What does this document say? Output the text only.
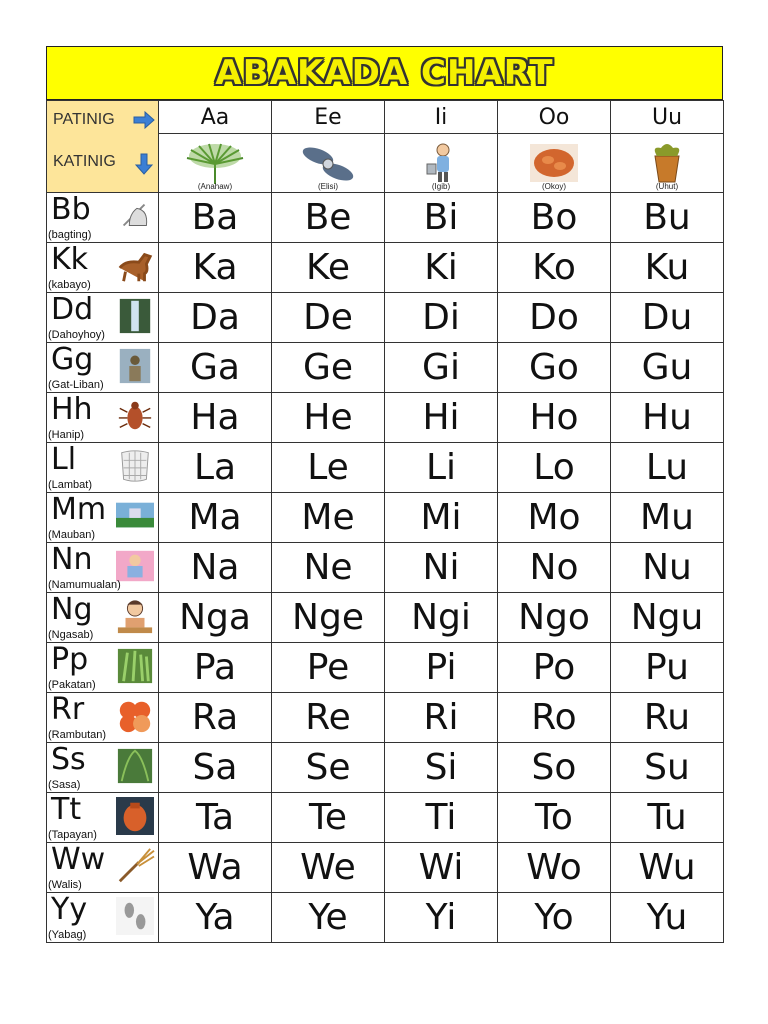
ABAKADA CHART
PATINIG
KATINIG	Aa	Ee	Ii	Oo	Uu

	(Anahaw)	(Elisi)	(Igib)	(Okoy)	(Uhut)

Bb
(bagting)	Ba	Be	Bi	Bo	Bu

Kk
(kabayo)	Ka	Ke	Ki	Ko	Ku

Dd
(Dahoyhoy)	Da	De	Di	Do	Du

Gg
(Gat-Liban)	Ga	Ge	Gi	Go	Gu

Hh
(Hanip)	Ha	He	Hi	Ho	Hu

Ll
(Lambat)	La	Le	Li	Lo	Lu

Mm
(Mauban)	Ma	Me	Mi	Mo	Mu

Nn
(Namumualan)	Na	Ne	Ni	No	Nu

Ng
(Ngasab)	Nga	Nge	Ngi	Ngo	Ngu

Pp
(Pakatan)	Pa	Pe	Pi	Po	Pu

Rr
(Rambutan)	Ra	Re	Ri	Ro	Ru

Ss
(Sasa)	Sa	Se	Si	So	Su

Tt
(Tapayan)	Ta	Te	Ti	To	Tu

Ww
(Walis)	Wa	We	Wi	Wo	Wu

Yy
(Yabag)	Ya	Ye	Yi	Yo	Yu
